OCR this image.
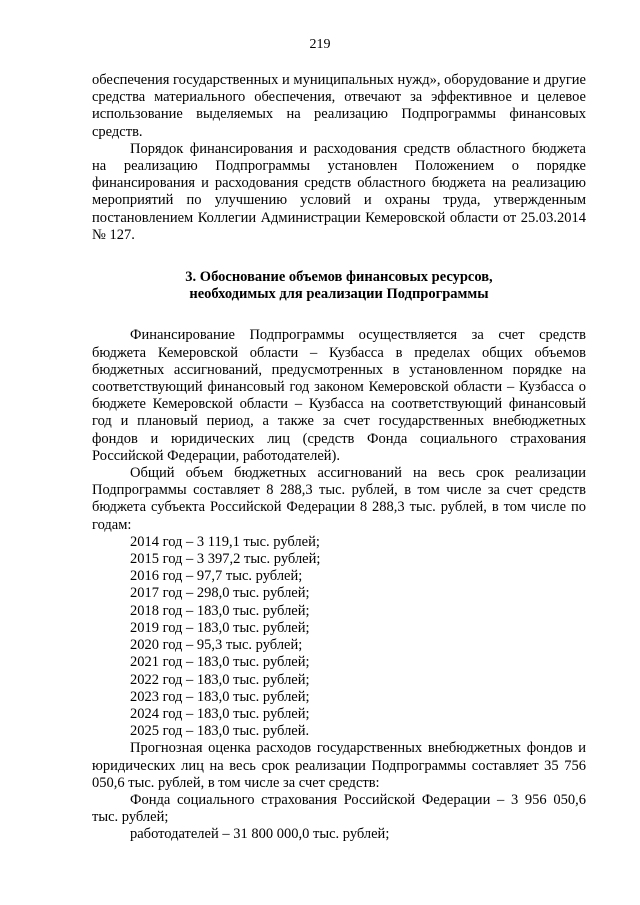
219

обеспечения государственных и муниципальных нужд», оборудование и другие средства материального обеспечения, отвечают за эффективное и целевое использование выделяемых на реализацию Подпрограммы финансовых средств.

Порядок финансирования и расходования средств областного бюджета на реализацию Подпрограммы установлен Положением о порядке финансирования и расходования средств областного бюджета на реализацию мероприятий по улучшению условий и охраны труда, утвержденным постановлением Коллегии Администрации Кемеровской области от 25.03.2014 № 127.

3. Обоснование объемов финансовых ресурсов,
необходимых для реализации Подпрограммы

Финансирование Подпрограммы осуществляется за счет средств бюджета Кемеровской области – Кузбасса в пределах общих объемов бюджетных ассигнований, предусмотренных в установленном порядке на соответствующий финансовый год законом Кемеровской области – Кузбасса о бюджете Кемеровской области – Кузбасса на соответствующий финансовый год и плановый период, а также за счет государственных внебюджетных фондов и юридических лиц (средств Фонда социального страхования Российской Федерации, работодателей).

Общий объем бюджетных ассигнований на весь срок реализации Подпрограммы составляет 8 288,3 тыс. рублей, в том числе за счет средств бюджета субъекта Российской Федерации 8 288,3 тыс. рублей, в том числе по годам:

2014 год – 3 119,1 тыс. рублей;
2015 год – 3 397,2 тыс. рублей;
2016 год – 97,7 тыс. рублей;
2017 год – 298,0 тыс. рублей;
2018 год – 183,0 тыс. рублей;
2019 год – 183,0 тыс. рублей;
2020 год – 95,3 тыс. рублей;
2021 год – 183,0 тыс. рублей;
2022 год – 183,0 тыс. рублей;
2023 год – 183,0 тыс. рублей;
2024 год – 183,0 тыс. рублей;
2025 год – 183,0 тыс. рублей.

Прогнозная оценка расходов государственных внебюджетных фондов и юридических лиц на весь срок реализации Подпрограммы составляет 35 756 050,6 тыс. рублей, в том числе за счет средств:

Фонда социального страхования Российской Федерации – 3 956 050,6 тыс. рублей;

работодателей – 31 800 000,0 тыс. рублей;
